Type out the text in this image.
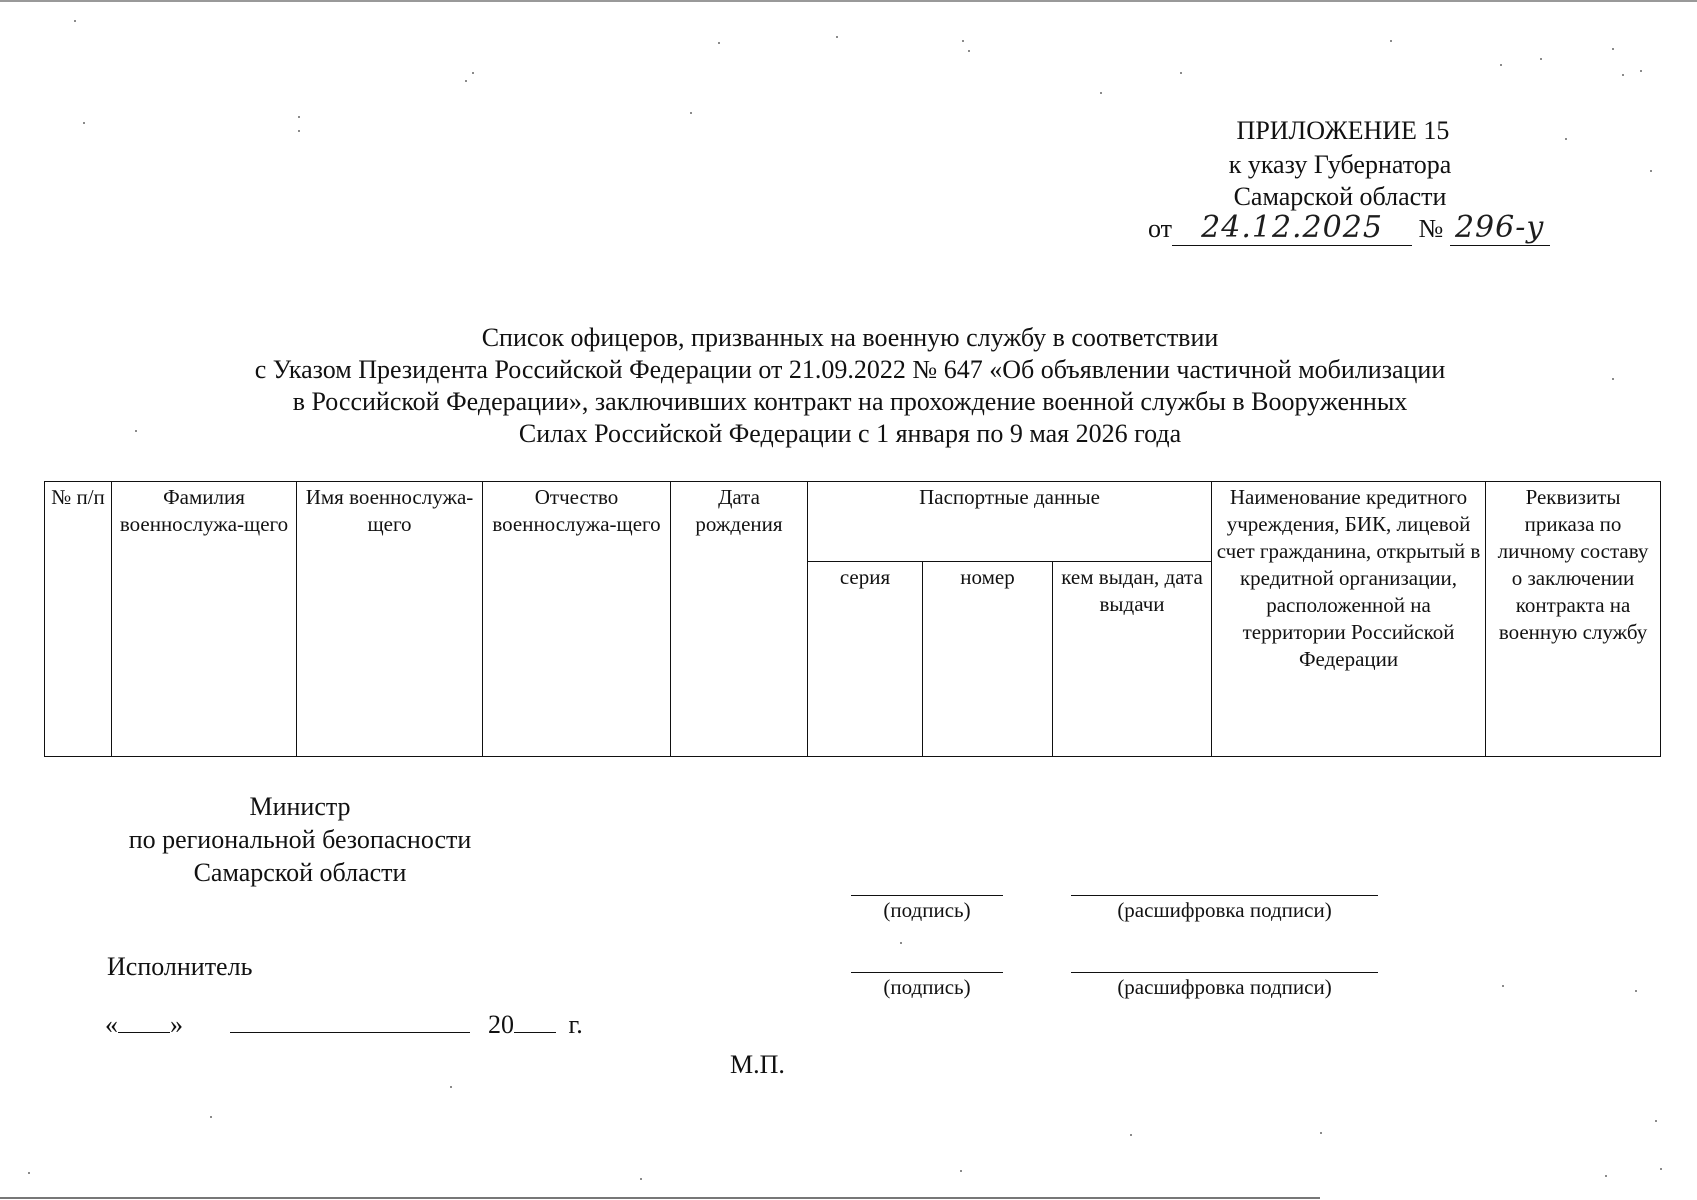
ПРИЛОЖЕНИЕ 15
к указу Губернатора
Самарской области
от 24.12.2025 № 296-у
Список офицеров, призванных на военную службу в соответствии
с Указом Президента Российской Федерации от 21.09.2022 № 647 «Об объявлении частичной мобилизации
в Российской Федерации», заключивших контракт на прохождение военной службы в Вооруженных
Силах Российской Федерации с 1 января по 9 мая 2026 года
№ п/п	Фамилия военнослужа-щего	Имя военнослужа-щего	Отчество военнослужа-щего	Дата рождения	Паспортные данные			Наименование кредитного учреждения, БИК, лицевой счет гражданина, открытый в кредитной организации, расположенной на территории Российской Федерации	Реквизиты приказа по личному составу о заключении контракта на военную службу
					серия	номер	кем выдан, дата выдачи		
Министр
по региональной безопасности
Самарской области
(подпись)	(расшифровка подписи)
Исполнитель
(подпись)	(расшифровка подписи)
« »	20 г.
М.П.
